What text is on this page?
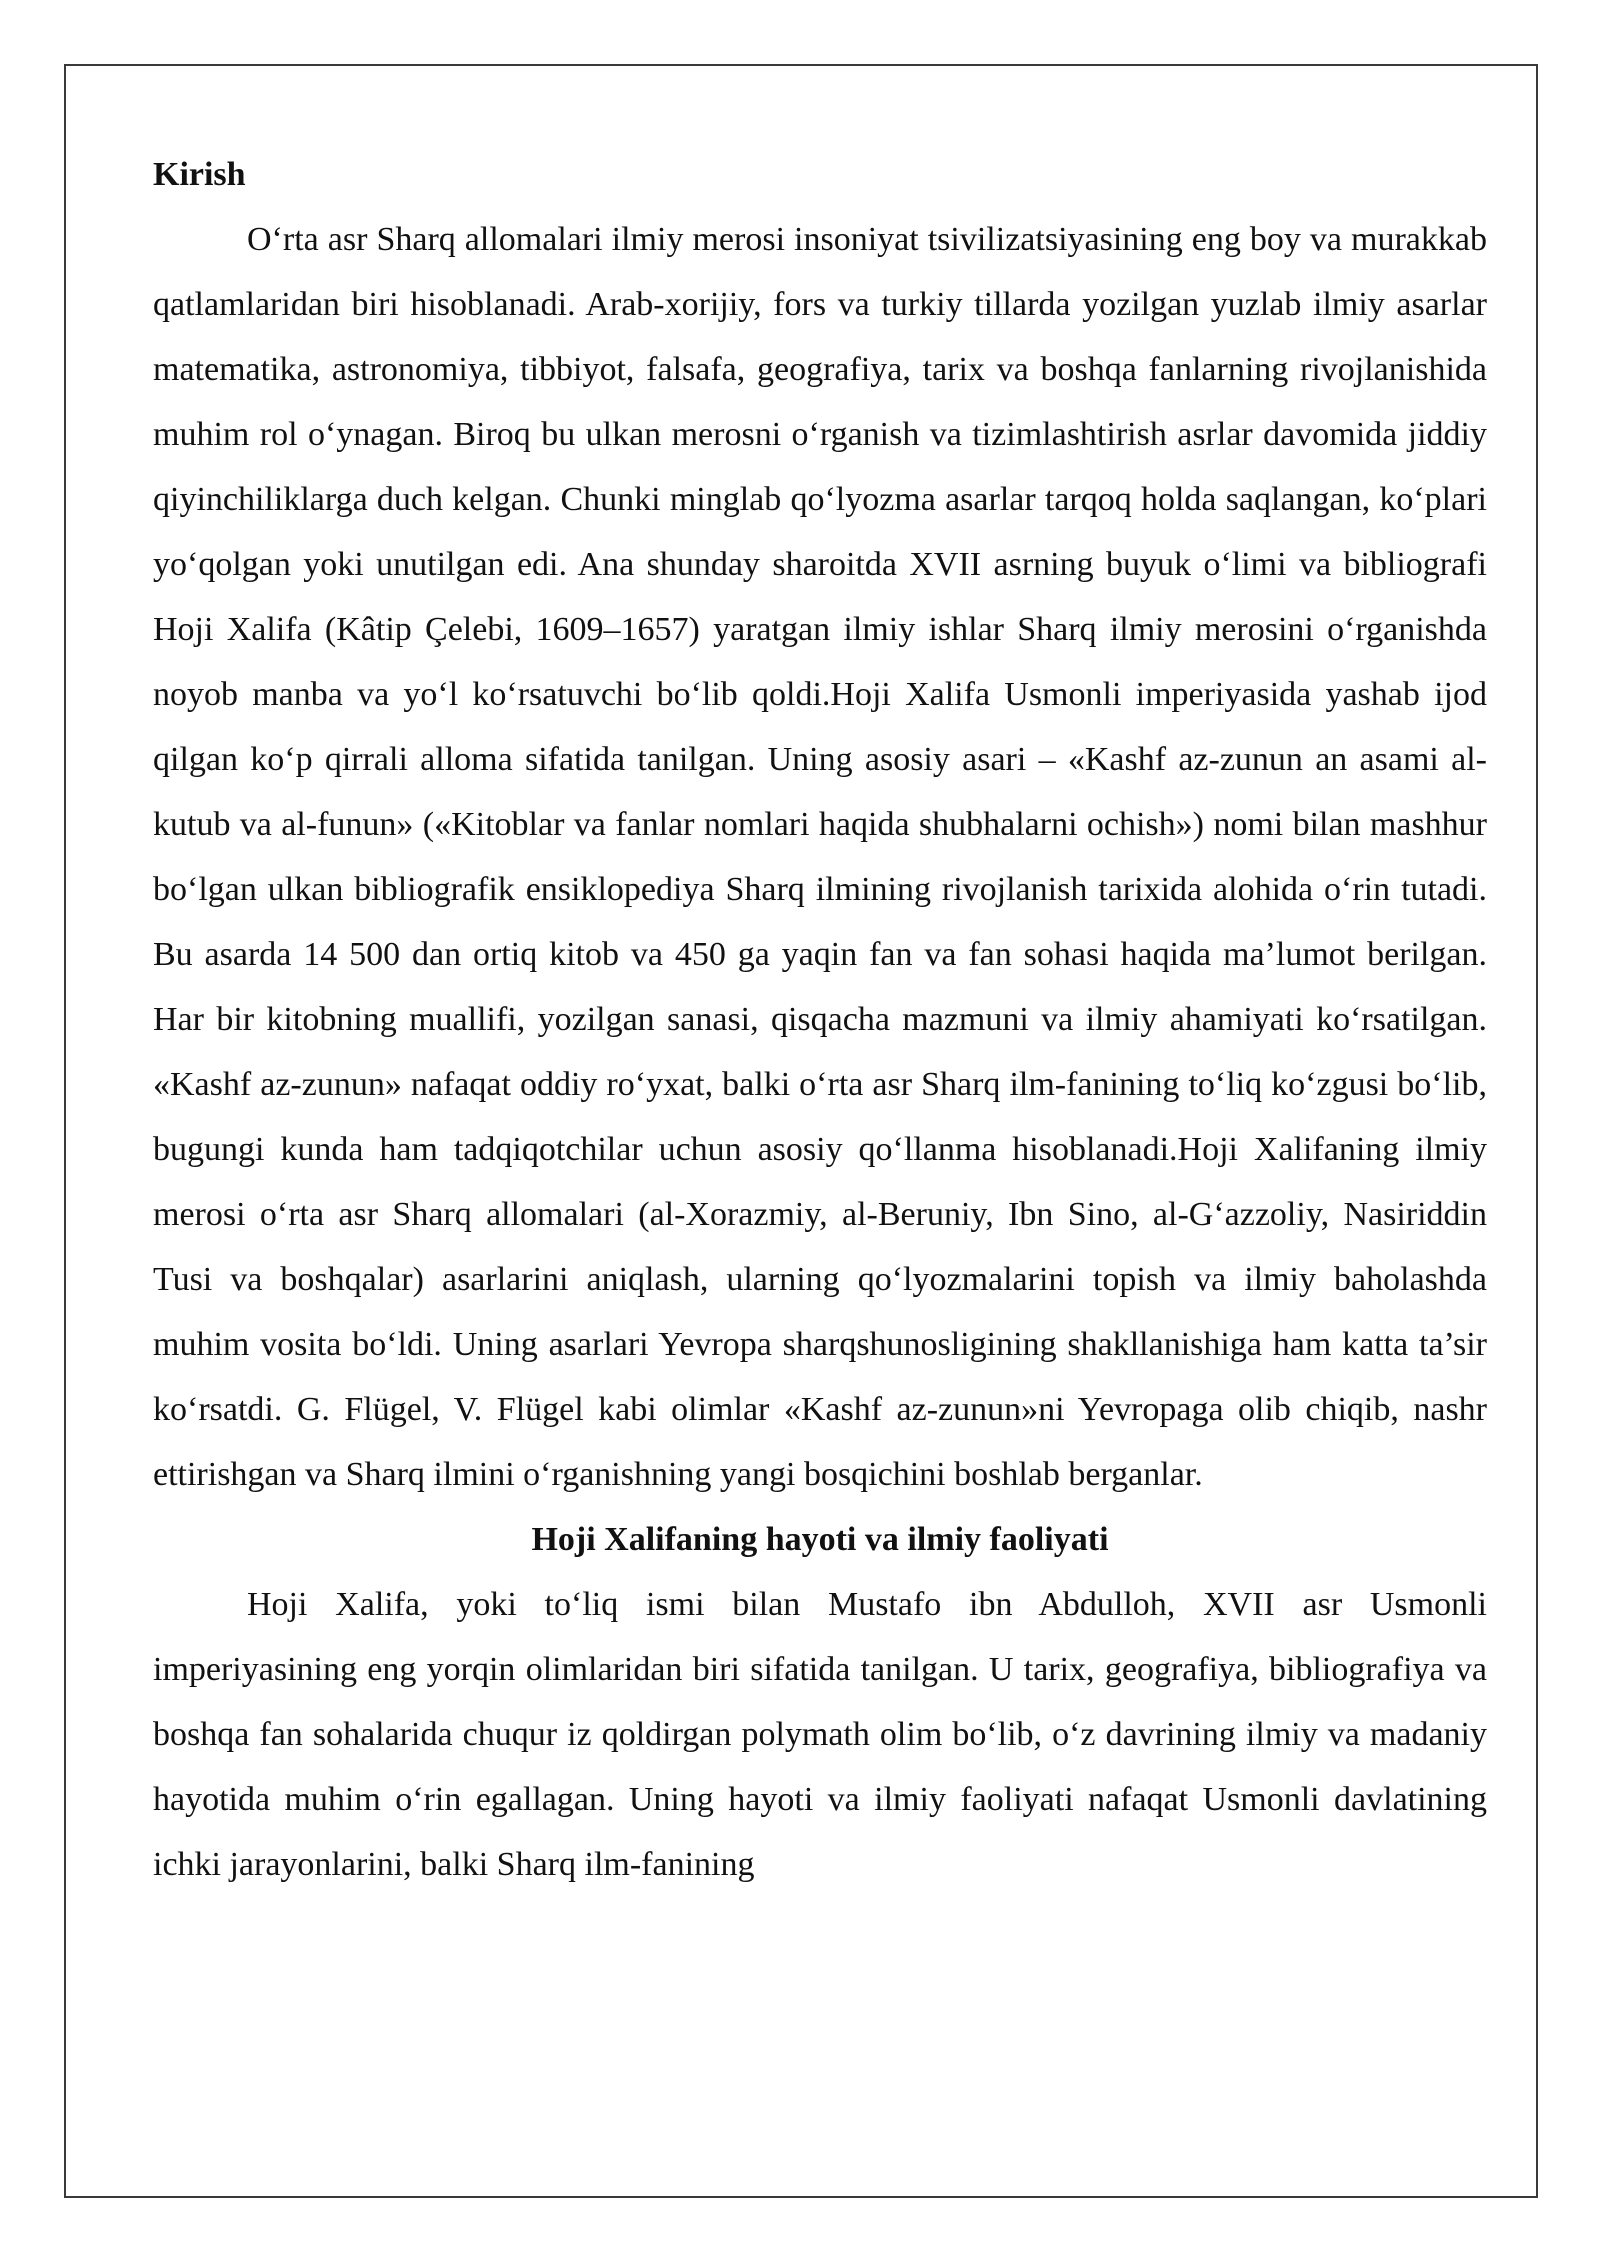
Kirish

O‘rta asr Sharq allomalari ilmiy merosi insoniyat tsivilizatsiyasining eng boy va murakkab qatlamlaridan biri hisoblanadi. Arab-xorijiy, fors va turkiy tillarda yozilgan yuzlab ilmiy asarlar matematika, astronomiya, tibbiyot, falsafa, geografiya, tarix va boshqa fanlarning rivojlanishida muhim rol o‘ynagan. Biroq bu ulkan merosni o‘rganish va tizimlashtirish asrlar davomida jiddiy qiyinchiliklarga duch kelgan. Chunki minglab qo‘lyozma asarlar tarqoq holda saqlangan, ko‘plari yo‘qolgan yoki unutilgan edi. Ana shunday sharoitda XVII asrning buyuk o‘limi va bibliografi Hoji Xalifa (Kâtip Çelebi, 1609–1657) yaratgan ilmiy ishlar Sharq ilmiy merosini o‘rganishda noyob manba va yo‘l ko‘rsatuvchi bo‘lib qoldi.Hoji Xalifa Usmonli imperiyasida yashab ijod qilgan ko‘p qirrali alloma sifatida tanilgan. Uning asosiy asari – «Kashf az-zunun an asami al-kutub va al-funun» («Kitoblar va fanlar nomlari haqida shubhalarni ochish») nomi bilan mashhur bo‘lgan ulkan bibliografik ensiklopediya Sharq ilmining rivojlanish tarixida alohida o‘rin tutadi. Bu asarda 14 500 dan ortiq kitob va 450 ga yaqin fan va fan sohasi haqida ma’lumot berilgan. Har bir kitobning muallifi, yozilgan sanasi, qisqacha mazmuni va ilmiy ahamiyati ko‘rsatilgan. «Kashf az-zunun» nafaqat oddiy ro‘yxat, balki o‘rta asr Sharq ilm-fanining to‘liq ko‘zgusi bo‘lib, bugungi kunda ham tadqiqotchilar uchun asosiy qo‘llanma hisoblanadi.Hoji Xalifaning ilmiy merosi o‘rta asr Sharq allomalari (al-Xorazmiy, al-Beruniy, Ibn Sino, al-G‘azzoliy, Nasiriddin Tusi va boshqalar) asarlarini aniqlash, ularning qo‘lyozmalarini topish va ilmiy baholashda muhim vosita bo‘ldi. Uning asarlari Yevropa sharqshunosligining shakllanishiga ham katta ta’sir ko‘rsatdi. G. Flügel, V. Flügel kabi olimlar «Kashf az-zunun»ni Yevropaga olib chiqib, nashr ettirishgan va Sharq ilmini o‘rganishning yangi bosqichini boshlab berganlar.

Hoji Xalifaning hayoti va ilmiy faoliyati

Hoji Xalifa, yoki to‘liq ismi bilan Mustafo ibn Abdulloh, XVII asr Usmonli imperiyasining eng yorqin olimlaridan biri sifatida tanilgan. U tarix, geografiya, bibliografiya va boshqa fan sohalarida chuqur iz qoldirgan polymath olim bo‘lib, o‘z davrining ilmiy va madaniy hayotida muhim o‘rin egallagan. Uning hayoti va ilmiy faoliyati nafaqat Usmonli davlatining ichki jarayonlarini, balki Sharq ilm-fanining
